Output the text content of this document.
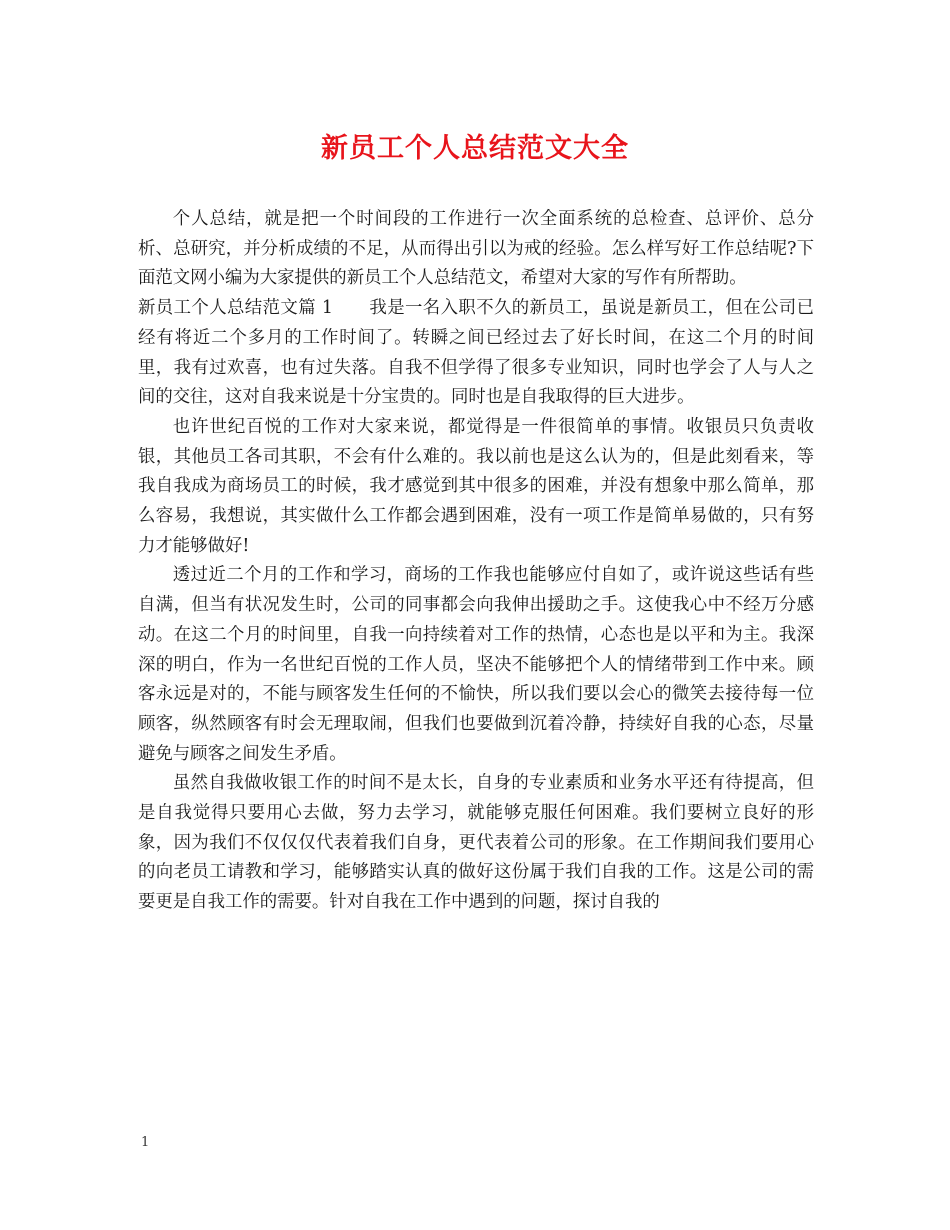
新员工个人总结范文大全

个人总结，就是把一个时间段的工作进行一次全面系统的总检查、总评价、总分析、总研究，并分析成绩的不足，从而得出引以为戒的经验。怎么样写好工作总结呢?下面范文网小编为大家提供的新员工个人总结范文，希望对大家的写作有所帮助。

新员工个人总结范文篇 1 我是一名入职不久的新员工，虽说是新员工，但在公司已经有将近二个多月的工作时间了。转瞬之间已经过去了好长时间，在这二个月的时间里，我有过欢喜，也有过失落。自我不但学得了很多专业知识，同时也学会了人与人之间的交往，这对自我来说是十分宝贵的。同时也是自我取得的巨大进步。

也许世纪百悦的工作对大家来说，都觉得是一件很简单的事情。收银员只负责收银，其他员工各司其职，不会有什么难的。我以前也是这么认为的，但是此刻看来，等我自我成为商场员工的时候，我才感觉到其中很多的困难，并没有想象中那么简单，那么容易，我想说，其实做什么工作都会遇到困难，没有一项工作是简单易做的，只有努力才能够做好!

透过近二个月的工作和学习，商场的工作我也能够应付自如了，或许说这些话有些自满，但当有状况发生时，公司的同事都会向我伸出援助之手。这使我心中不经万分感动。在这二个月的时间里，自我一向持续着对工作的热情，心态也是以平和为主。我深深的明白，作为一名世纪百悦的工作人员，坚决不能够把个人的情绪带到工作中来。顾客永远是对的，不能与顾客发生任何的不愉快，所以我们要以会心的微笑去接待每一位顾客，纵然顾客有时会无理取闹，但我们也要做到沉着冷静，持续好自我的心态，尽量避免与顾客之间发生矛盾。

虽然自我做收银工作的时间不是太长，自身的专业素质和业务水平还有待提高，但是自我觉得只要用心去做，努力去学习，就能够克服任何困难。我们要树立良好的形象，因为我们不仅仅仅代表着我们自身，更代表着公司的形象。在工作期间我们要用心的向老员工请教和学习，能够踏实认真的做好这份属于我们自我的工作。这是公司的需要更是自我工作的需要。针对自我在工作中遇到的问题，探讨自我的

1
